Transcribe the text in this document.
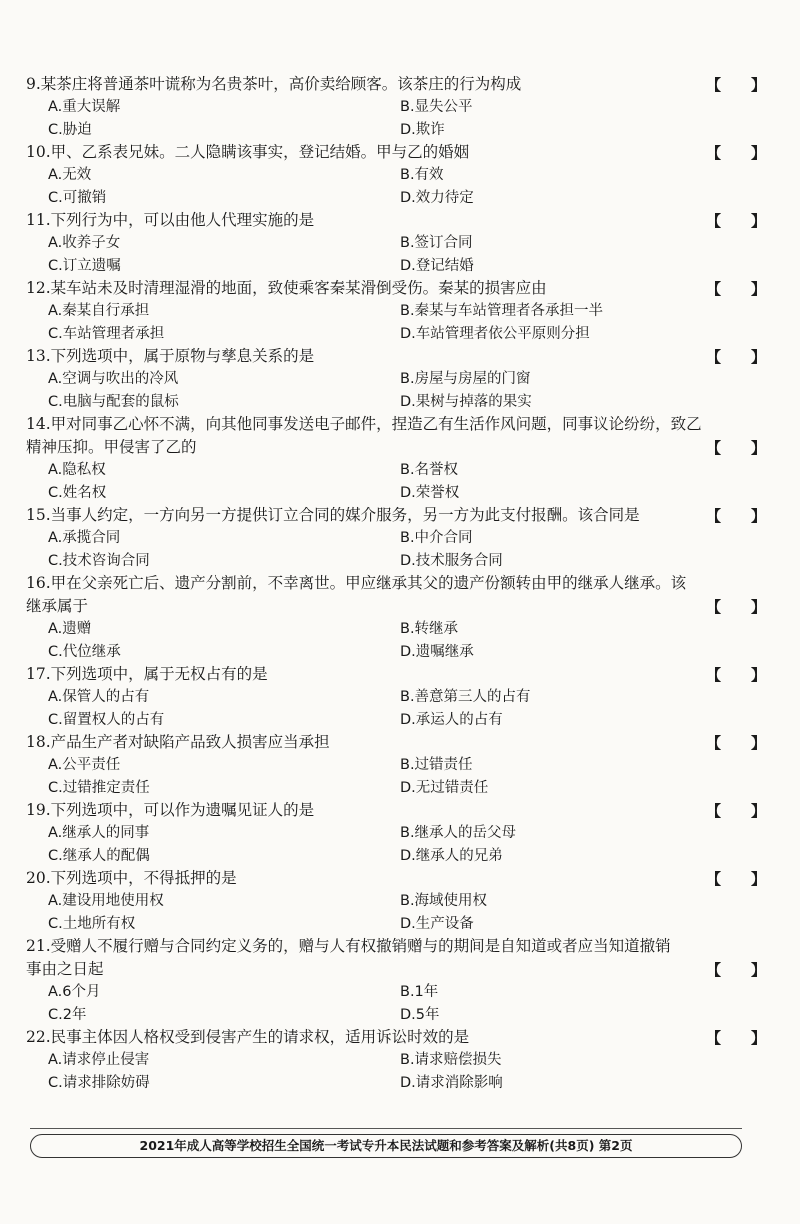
9.某茶庄将普通茶叶谎称为名贵茶叶，高价卖给顾客。该茶庄的行为构成	【】
A.重大误解	B.显失公平
C.胁迫	D.欺诈
10.甲、乙系表兄妹。二人隐瞒该事实，登记结婚。甲与乙的婚姻	【】
A.无效	B.有效
C.可撤销	D.效力待定
11.下列行为中，可以由他人代理实施的是	【】
A.收养子女	B.签订合同
C.订立遗嘱	D.登记结婚
12.某车站未及时清理湿滑的地面，致使乘客秦某滑倒受伤。秦某的损害应由	【】
A.秦某自行承担	B.秦某与车站管理者各承担一半
C.车站管理者承担	D.车站管理者依公平原则分担
13.下列选项中，属于原物与孳息关系的是	【】
A.空调与吹出的冷风	B.房屋与房屋的门窗
C.电脑与配套的鼠标	D.果树与掉落的果实
14.甲对同事乙心怀不满，向其他同事发送电子邮件，捏造乙有生活作风问题，同事议论纷纷，致乙
精神压抑。甲侵害了乙的	【】
A.隐私权	B.名誉权
C.姓名权	D.荣誉权
15.当事人约定，一方向另一方提供订立合同的媒介服务，另一方为此支付报酬。该合同是	【】
A.承揽合同	B.中介合同
C.技术咨询合同	D.技术服务合同
16.甲在父亲死亡后、遗产分割前，不幸离世。甲应继承其父的遗产份额转由甲的继承人继承。该
继承属于	【】
A.遗赠	B.转继承
C.代位继承	D.遗嘱继承
17.下列选项中，属于无权占有的是	【】
A.保管人的占有	B.善意第三人的占有
C.留置权人的占有	D.承运人的占有
18.产品生产者对缺陷产品致人损害应当承担	【】
A.公平责任	B.过错责任
C.过错推定责任	D.无过错责任
19.下列选项中，可以作为遗嘱见证人的是	【】
A.继承人的同事	B.继承人的岳父母
C.继承人的配偶	D.继承人的兄弟
20.下列选项中，不得抵押的是	【】
A.建设用地使用权	B.海域使用权
C.土地所有权	D.生产设备
21.受赠人不履行赠与合同约定义务的，赠与人有权撤销赠与的期间是自知道或者应当知道撤销
事由之日起	【】
A.6个月	B.1年
C.2年	D.5年
22.民事主体因人格权受到侵害产生的请求权，适用诉讼时效的是	【】
A.请求停止侵害	B.请求赔偿损失
C.请求排除妨碍	D.请求消除影响
2021年成人高等学校招生全国统一考试专升本民法试题和参考答案及解析(共8页) 第2页
